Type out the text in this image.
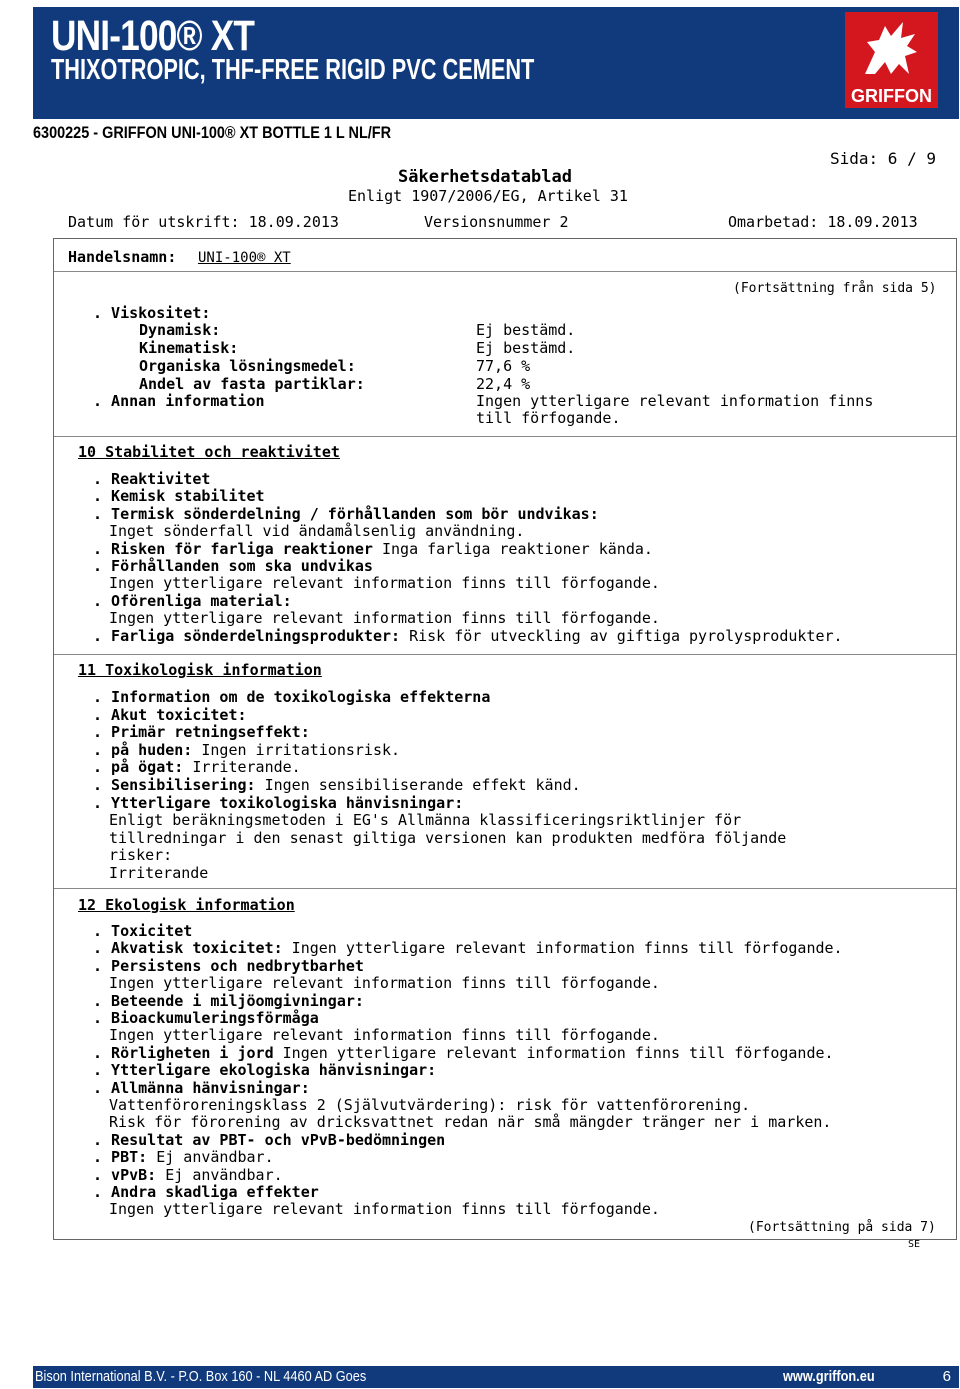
UNI-100® XT
THIXOTROPIC, THF-FREE RIGID PVC CEMENT
GRIFFON
6300225 - GRIFFON UNI-100® XT BOTTLE 1 L NL/FR
Sida: 6 / 9
Säkerhetsdatablad
Enligt 1907/2006/EG, Artikel 31
Datum för utskrift: 18.09.2013	Versionsnummer 2	Omarbetad: 18.09.2013
Handelsnamn: UNI-100® XT
(Fortsättning från sida 5)
. Viskositet:
Dynamisk:	Ej bestämd.
Kinematisk:	Ej bestämd.
Organiska lösningsmedel:	77,6 %
Andel av fasta partiklar:	22,4 %
. Annan information	Ingen ytterligare relevant information finns
till förfogande.
10 Stabilitet och reaktivitet
. Reaktivitet
. Kemisk stabilitet
. Termisk sönderdelning / förhållanden som bör undvikas:
Inget sönderfall vid ändamålsenlig användning.
. Risken för farliga reaktioner Inga farliga reaktioner kända.
. Förhållanden som ska undvikas
Ingen ytterligare relevant information finns till förfogande.
. Oförenliga material:
Ingen ytterligare relevant information finns till förfogande.
. Farliga sönderdelningsprodukter: Risk för utveckling av giftiga pyrolysprodukter.
11 Toxikologisk information
. Information om de toxikologiska effekterna
. Akut toxicitet:
. Primär retningseffekt:
. på huden: Ingen irritationsrisk.
. på ögat: Irriterande.
. Sensibilisering: Ingen sensibiliserande effekt känd.
. Ytterligare toxikologiska hänvisningar:
Enligt beräkningsmetoden i EG's Allmänna klassificeringsriktlinjer för
tillredningar i den senast giltiga versionen kan produkten medföra följande
risker:
Irriterande
12 Ekologisk information
. Toxicitet
. Akvatisk toxicitet: Ingen ytterligare relevant information finns till förfogande.
. Persistens och nedbrytbarhet
Ingen ytterligare relevant information finns till förfogande.
. Beteende i miljöomgivningar:
. Bioackumuleringsförmåga
Ingen ytterligare relevant information finns till förfogande.
. Rörligheten i jord Ingen ytterligare relevant information finns till förfogande.
. Ytterligare ekologiska hänvisningar:
. Allmänna hänvisningar:
Vattenföroreningsklass 2 (Självutvärdering): risk för vattenförorening.
Risk för förorening av dricksvattnet redan när små mängder tränger ner i marken.
. Resultat av PBT- och vPvB-bedömningen
. PBT: Ej användbar.
. vPvB: Ej användbar.
. Andra skadliga effekter
Ingen ytterligare relevant information finns till förfogande.
(Fortsättning på sida 7)
SE
Bison International B.V. - P.O. Box 160 - NL 4460 AD Goes	www.griffon.eu	6
